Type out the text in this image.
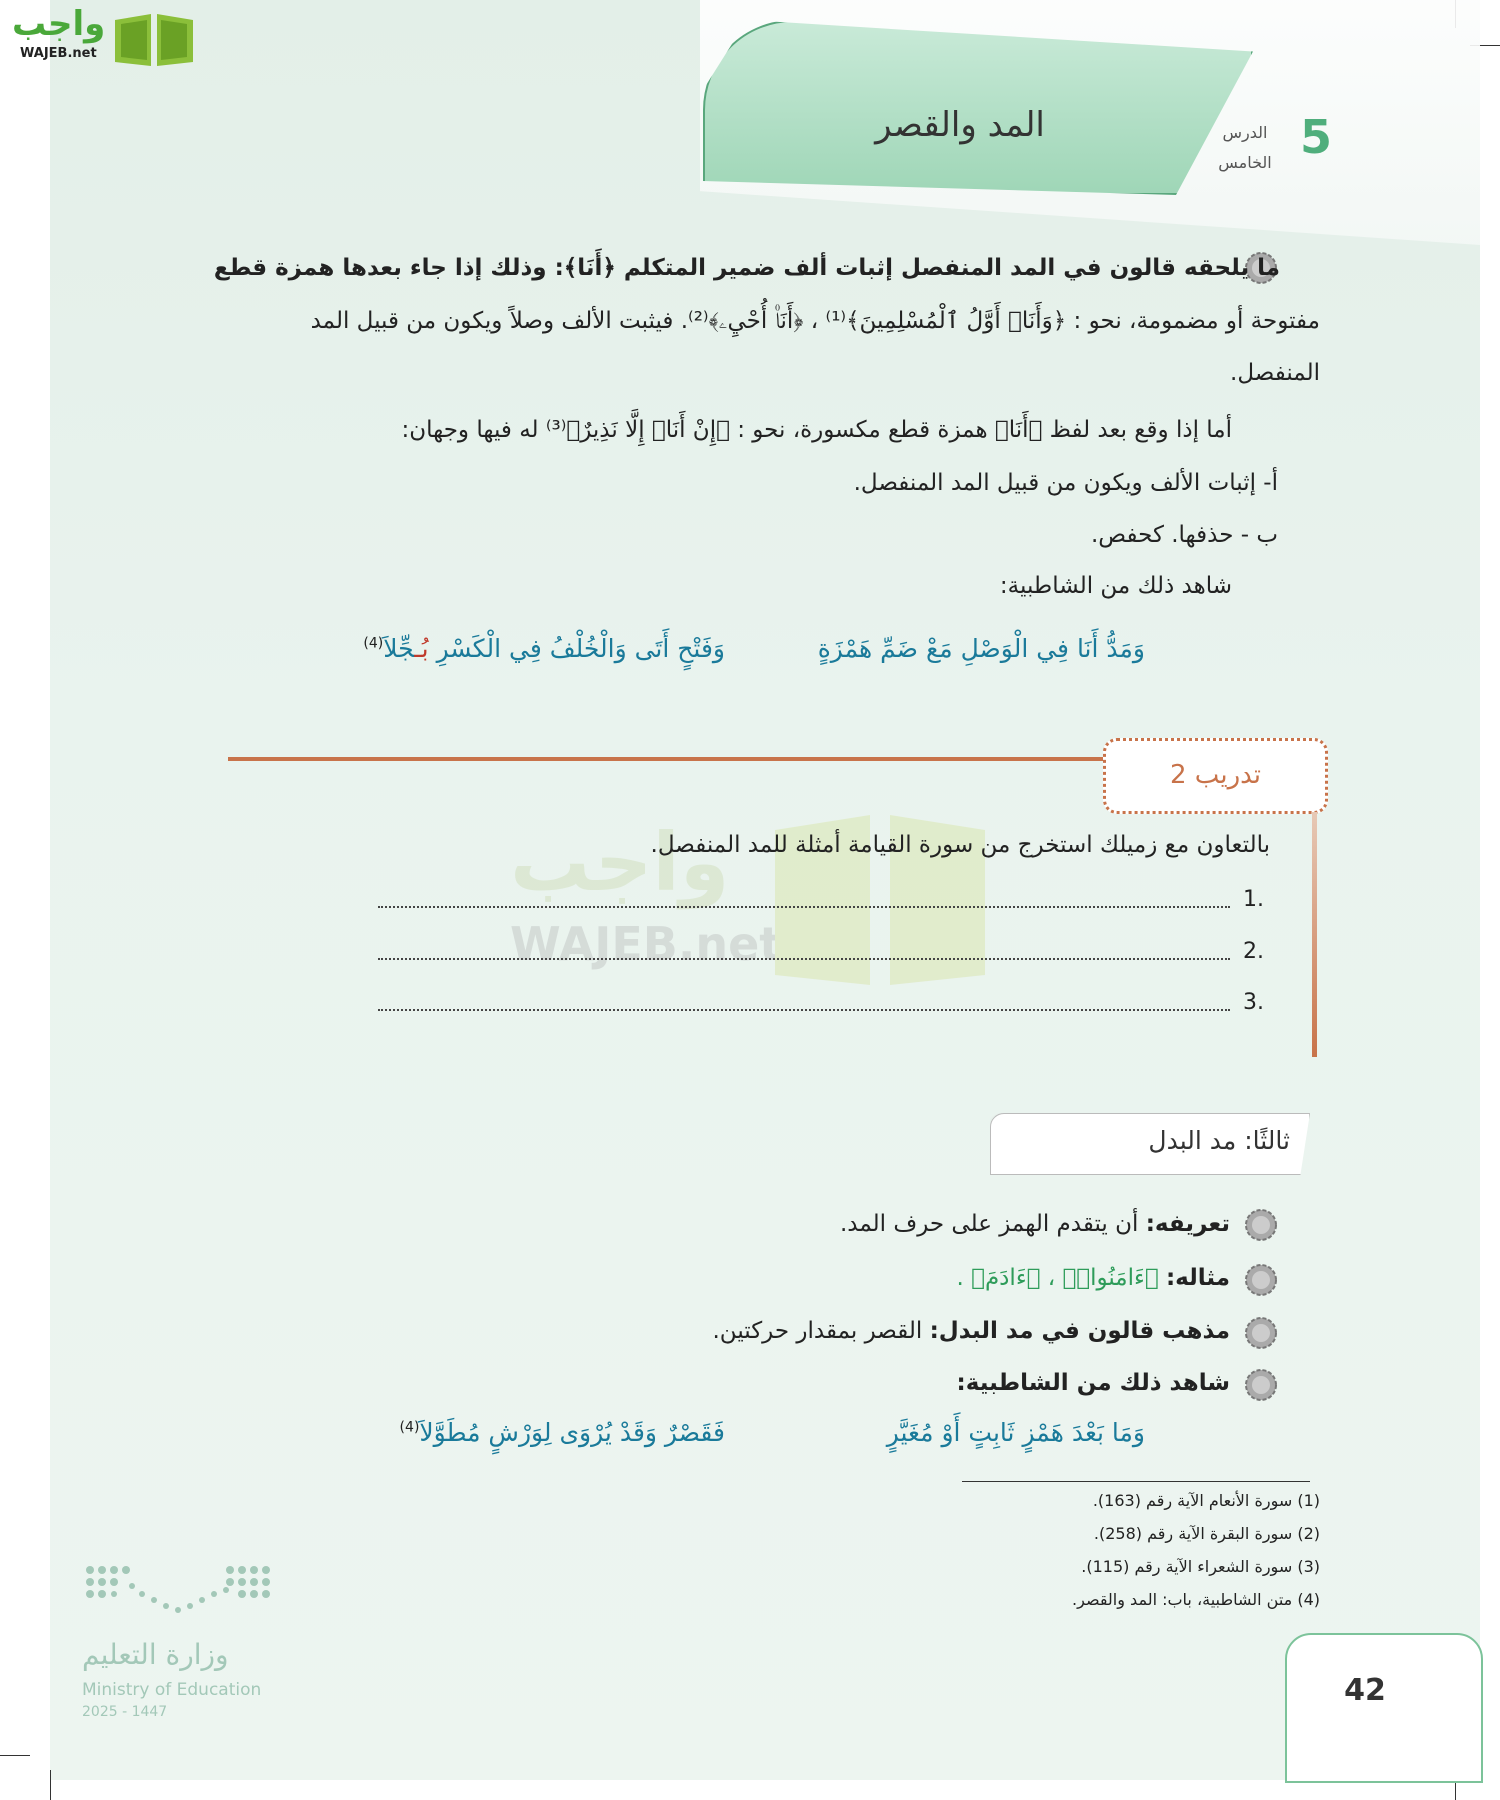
واجب
WAJEB.net
المد والقصر	5
الدرس
الخامس
ما يلحقه قالون في المد المنفصل إثبات ألف ضمير المتكلم ﴿أَنَا﴾: وذلك إذا جاء بعدها همزة قطع
مفتوحة أو مضمومة، نحو : ﴿وَأَنَا۠ أَوَّلُ ٱلْمُسْلِمِينَ﴾⁽¹⁾ ، ﴿أَنَا۠ أُحْيِۦ﴾⁽²⁾. فيثبت الألف وصلاً ويكون من قبيل المد
المنفصل.
أما إذا وقع بعد لفظ ﴿أَنَا﴾ همزة قطع مكسورة، نحو : ﴿إِنْ أَنَا۠ إِلَّا نَذِيرٌ﴾⁽³⁾ له فيها وجهان:
أ- إثبات الألف ويكون من قبيل المد المنفصل.
ب - حذفها. كحفص.
شاهد ذلك من الشاطبية:
وَمَدُّ أَنَا فِي الْوَصْلِ مَعْ ضَمِّ هَمْزَةٍ
وَفَتْحٍ أَتَى وَالْخُلْفُ فِي الْكَسْرِ بُـجِّلاَ$^{(4)}$
تدريب 2
واجب
WAJEB.net
بالتعاون مع زميلك استخرج من سورة القيامة أمثلة للمد المنفصل.
1.
2.
3.
ثالثًا: مد البدل
تعريفه: أن يتقدم الهمز على حرف المد.
مثاله: ﴿ءَامَنُوا۟﴾ ، ﴿ءَادَمَ﴾ .
مذهب قالون في مد البدل: القصر بمقدار حركتين.
شاهد ذلك من الشاطبية:
وَمَا بَعْدَ هَمْزٍ ثَابِتٍ أَوْ مُغَيَّرٍ
فَقَصْرٌ وَقَدْ يُرْوَى لِوَرْشٍ مُطَوَّلاَ$^{(4)}$
(1) سورة الأنعام الآية رقم (163).
(2) سورة البقرة الآية رقم (258).
(3) سورة الشعراء الآية رقم (115).
(4) متن الشاطبية، باب: المد والقصر.
وزارة التعليم
Ministry of Education
2025 - 1447
42
